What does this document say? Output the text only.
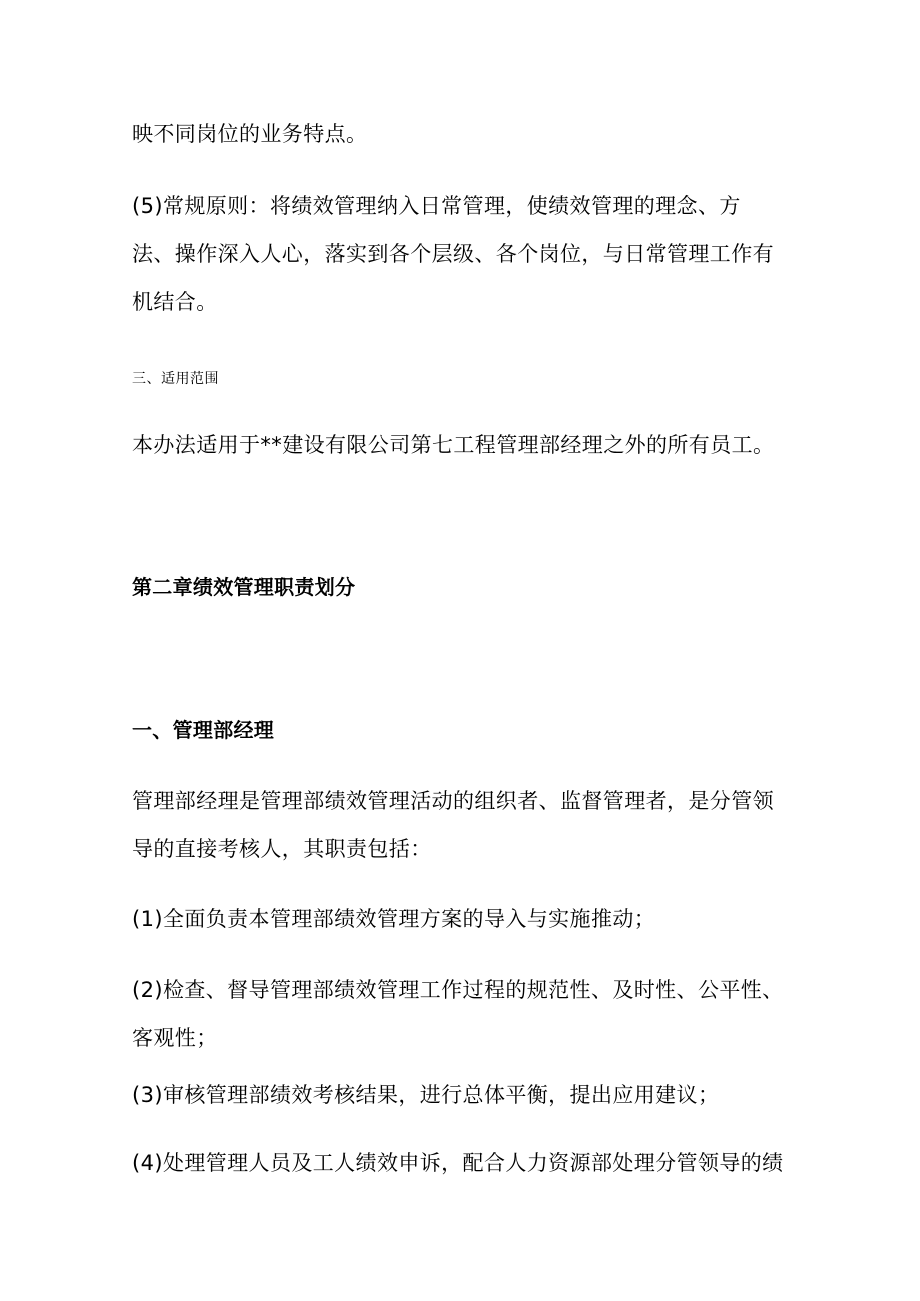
映不同岗位的业务特点。

(5)常规原则：将绩效管理纳入日常管理，使绩效管理的理念、方

法、操作深入人心，落实到各个层级、各个岗位，与日常管理工作有

机结合。

三、适用范围

本办法适用于**建设有限公司第七工程管理部经理之外的所有员工。

第二章绩效管理职责划分

一、管理部经理

管理部经理是管理部绩效管理活动的组织者、监督管理者，是分管领

导的直接考核人，其职责包括：

(1)全面负责本管理部绩效管理方案的导入与实施推动；

(2)检查、督导管理部绩效管理工作过程的规范性、及时性、公平性、

客观性；

(3)审核管理部绩效考核结果，进行总体平衡，提出应用建议；

(4)处理管理人员及工人绩效申诉，配合人力资源部处理分管领导的绩
